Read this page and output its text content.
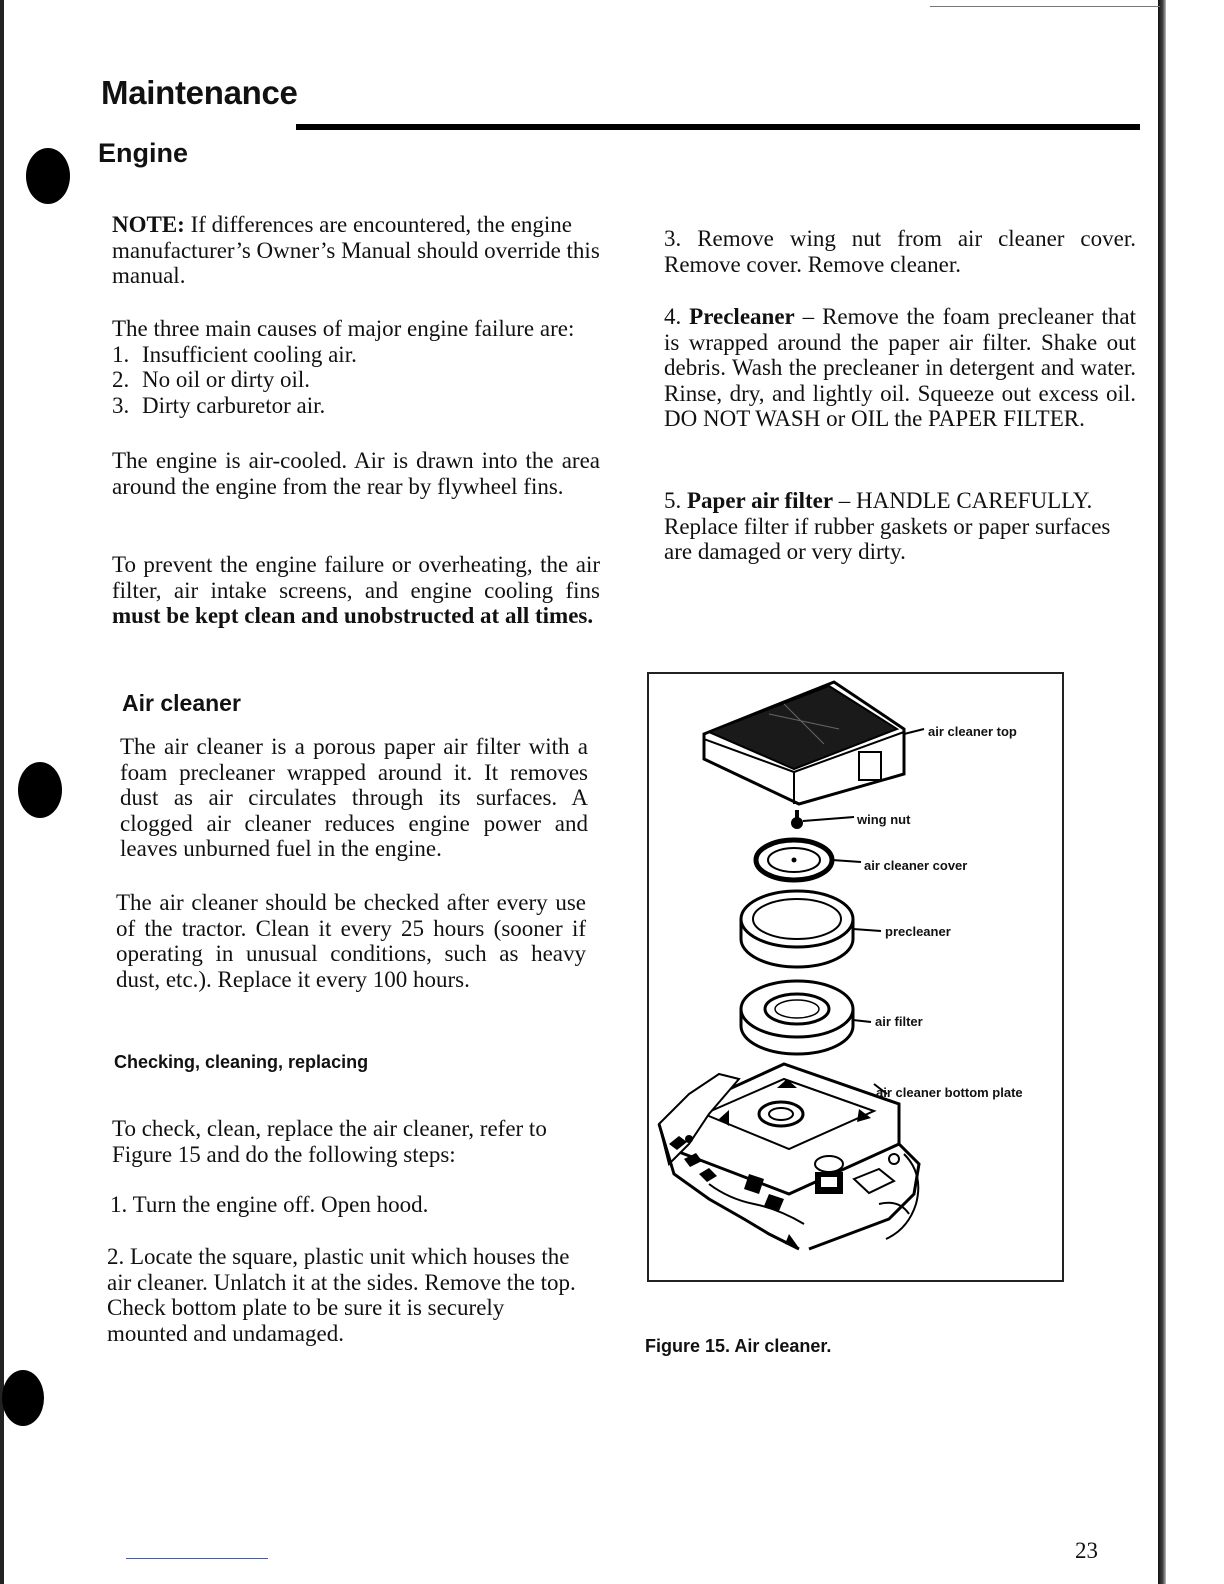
Maintenance
Engine
NOTE: If differences are encountered, the engine manufacturer’s Owner’s Manual should override this manual.
The three main causes of major engine failure are:
1. Insufficient cooling air.
2. No oil or dirty oil.
3. Dirty carburetor air.
The engine is air-cooled. Air is drawn into the area around the engine from the rear by flywheel fins.
To prevent the engine failure or overheating, the air filter, air intake screens, and engine cooling fins must be kept clean and unobstructed at all times.
Air cleaner
The air cleaner is a porous paper air filter with a foam precleaner wrapped around it. It removes dust as air circulates through its surfaces. A clogged air cleaner reduces engine power and leaves unburned fuel in the engine.
The air cleaner should be checked after every use of the tractor. Clean it every 25 hours (sooner if operating in unusual conditions, such as heavy dust, etc.). Replace it every 100 hours.
Checking, cleaning, replacing
To check, clean, replace the air cleaner, refer to Figure 15 and do the following steps:
1. Turn the engine off. Open hood.
2. Locate the square, plastic unit which houses the air cleaner. Unlatch it at the sides. Remove the top. Check bottom plate to be sure it is securely mounted and undamaged.
3. Remove wing nut from air cleaner cover. Remove cover. Remove cleaner.
4. Precleaner – Remove the foam precleaner that is wrapped around the paper air filter. Shake out debris. Wash the precleaner in detergent and water. Rinse, dry, and lightly oil. Squeeze out excess oil. DO NOT WASH or OIL the PAPER FILTER.
5. Paper air filter – HANDLE CAREFULLY. Replace filter if rubber gaskets or paper surfaces are damaged or very dirty.
air cleaner top
wing nut
air cleaner cover
precleaner
air filter
air cleaner bottom plate
Figure 15. Air cleaner.
23
